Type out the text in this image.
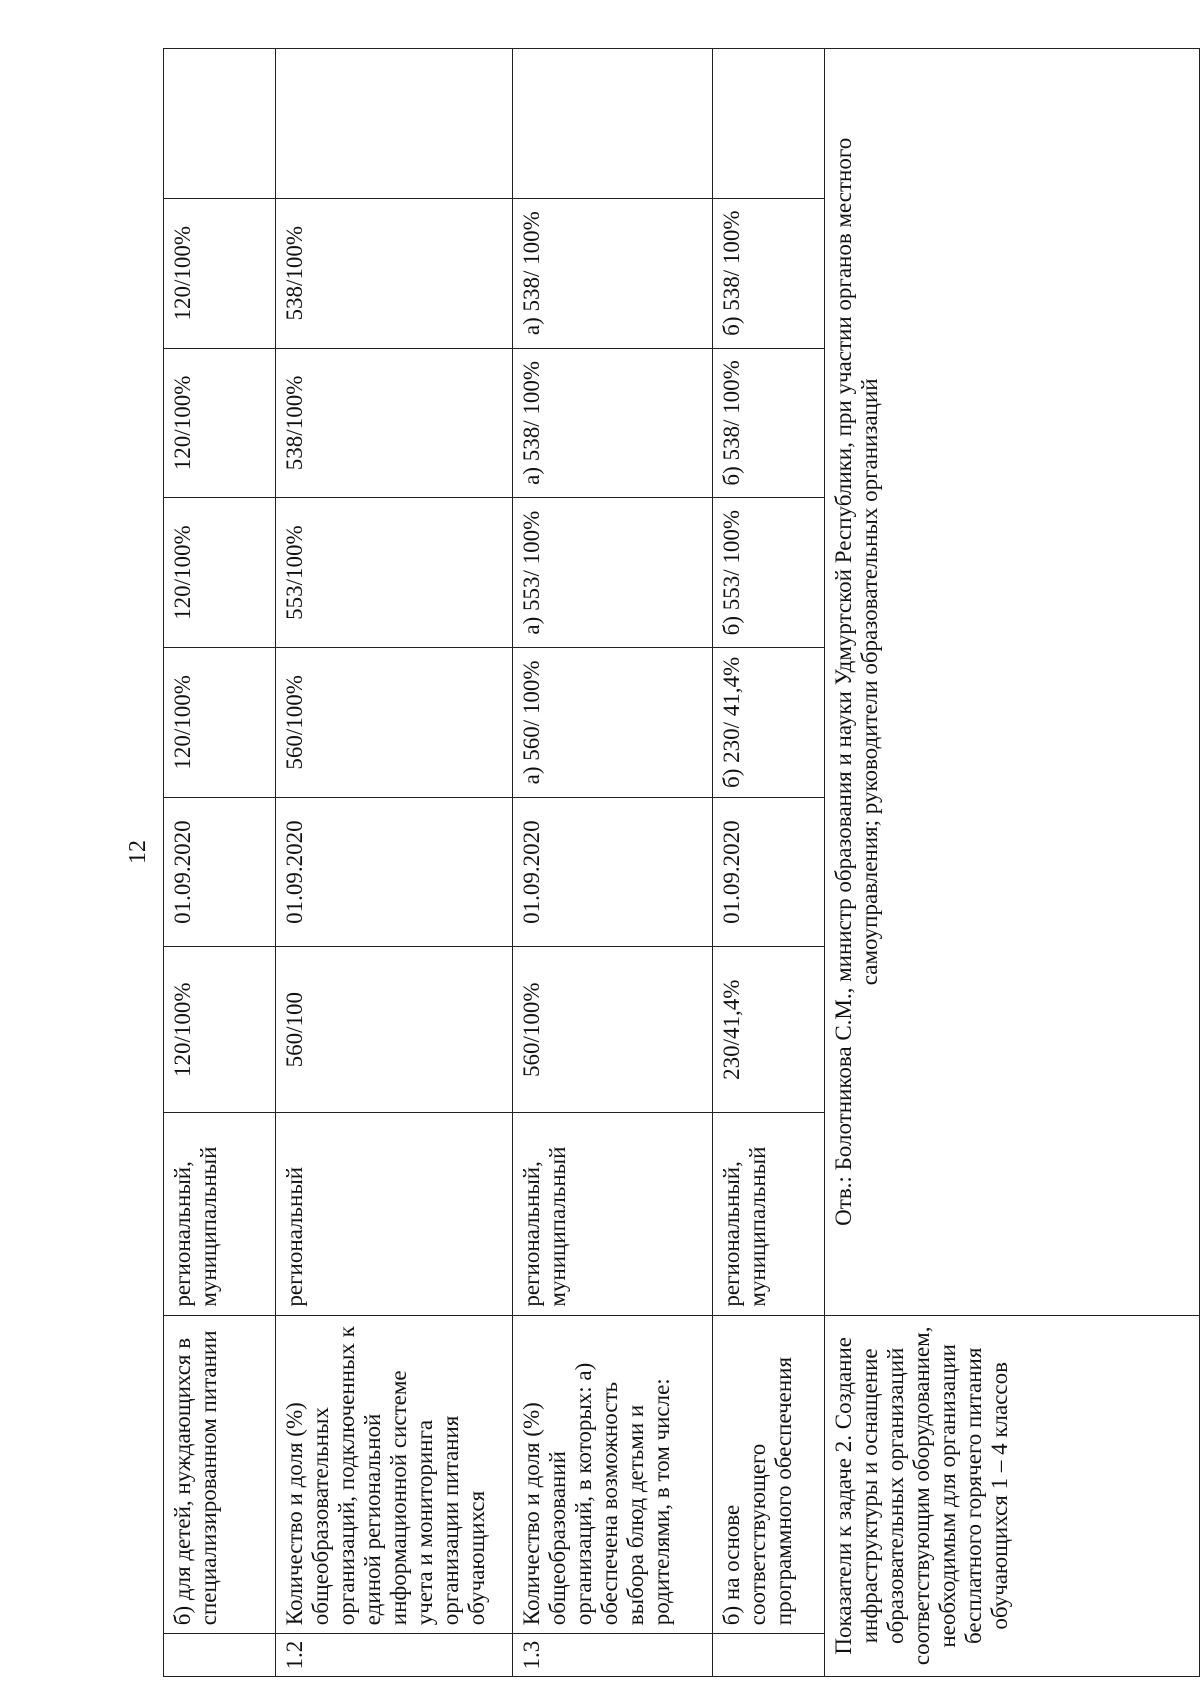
12
	б) для детей, нуждающихся в специализированном питании	региональный, муниципальный	120/100%	01.09.2020	120/100%	120/100%	120/100%	120/100%	
1.2	Количество и доля (%) общеобразовательных организаций, подключенных к единой региональной информационной системе учета и мониторинга организации питания обучающихся	региональный	560/100	01.09.2020	560/100%	553/100%	538/100%	538/100%	
1.3	Количество и доля (%) общеобразований организаций, в которых: а) обеспечена возможность выбора блюд детьми и родителями, в том числе:	региональный, муниципальный	560/100%	01.09.2020	а) 560/ 100%	а) 553/ 100%	а) 538/ 100%	а) 538/ 100%	
	б) на основе соответствующего программного обеспечения	региональный, муниципальный	230/41,4%	01.09.2020	б) 230/ 41,4%	б) 553/ 100%	б) 538/ 100%	б) 538/ 100%	
Показатели к задаче 2. Создание инфраструктуры и оснащение образовательных организаций соответствующим оборудованием, необходимым для организации бесплатного горячего питания обучающихся 1 – 4 классов		Отв.: Болотникова С.М., министр образования и науки Удмуртской Республики, при участии органов местного самоуправления; руководители образовательных организаций							
